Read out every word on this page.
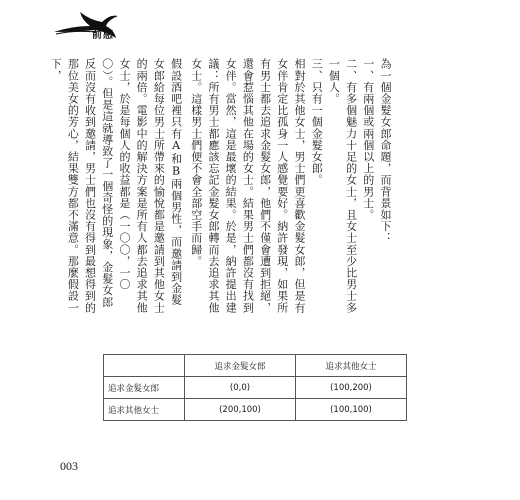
前感

為一個金髮女郎命題，而背景如下：

一、有兩個或兩個以上的男士。

二、有多個魅力十足的女士，且女士至少比男士多一個人。

三、只有一個金髮女郎。

相對於其他女士，男士們更喜歡金髮女郎，但是有女伴肯定比孤身一人感覺要好。納許發現，如果所有男士都去追求金髮女郎，他們不僅會遭到拒絕，還會惹惱其他在場的女士。結果男士們都沒有找到女伴。當然，這是最壞的結果。於是，納許提出建議：所有男士都應該忘記金髮女郎轉而去追求其他女士。這樣男士們便不會全部空手而歸。

假設酒吧裡只有A和B兩個男性，而邀請到金髮女郎給每位男士所帶來的愉悅都是邀請到其他女士的兩倍。電影中的解決方案是所有人都去追求其他女士，於是每個人的收益都是（一〇〇，一〇〇）。但是這就導致了一個奇怪的現象，金髮女郎反而沒有收到邀請，男士們也沒有得到最想得到的那位美女的芳心，結果雙方都不滿意。那麼假設一下，

	追求金髮女郎	追求其他女士
追求金髮女郎	(0,0)	(100,200)
追求其他女士	(200,100)	(100,100)
003
